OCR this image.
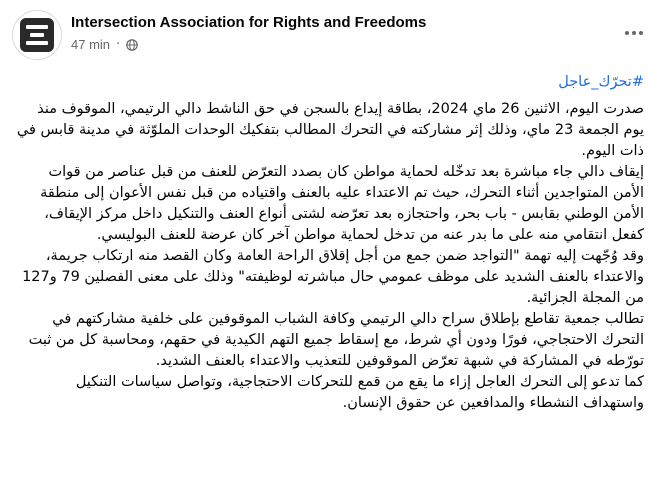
Intersection Association for Rights and Freedoms
47 min ·
#تحرّك_عاجل
صدرت اليوم، الاثنين 26 ماي 2024، بطاقة إيداع بالسجن في حق الناشط دالي الرتيمي، الموقوف منذ يوم الجمعة 23 ماي، وذلك إثر مشاركته في التحرك المطالب بتفكيك الوحدات الملوّثة في مدينة قابس في ذات اليوم.
إيقاف دالي جاء مباشرة بعد تدخّله لحماية مواطن كان بصدد التعرّض للعنف من قبل عناصر من قوات الأمن المتواجدين أثناء التحرك، حيث تم الاعتداء عليه بالعنف واقتياده من قبل نفس الأعوان إلى منطقة الأمن الوطني بقابس - باب بحر، واحتجازه بعد تعرّضه لشتى أنواع العنف والتنكيل داخل مركز الإيقاف، كفعل انتقامي منه على ما بدر عنه من تدخل لحماية مواطن آخر كان عرضة للعنف البوليسي.
وقد وُجّهت إليه تهمة "التواجد ضمن جمع من أجل إقلاق الراحة العامة وكان القصد منه ارتكاب جريمة، والاعتداء بالعنف الشديد على موظف عمومي حال مباشرته لوظيفته" وذلك على معنى الفصلين 79 و127 من المجلة الجزائية.
تطالب جمعية تقاطع بإطلاق سراح دالي الرتيمي وكافة الشباب الموقوفين على خلفية مشاركتهم في التحرك الاحتجاجي، فورًا ودون أي شرط، مع إسقاط جميع التهم الكيدية في حقهم، ومحاسبة كل من ثبت تورّطه في المشاركة في شبهة تعرّض الموقوفين للتعذيب والاعتداء بالعنف الشديد.
كما تدعو إلى التحرك العاجل إزاء ما يقع من قمع للتحركات الاحتجاجية، وتواصل سياسات التنكيل واستهداف النشطاء والمدافعين عن حقوق الإنسان.
